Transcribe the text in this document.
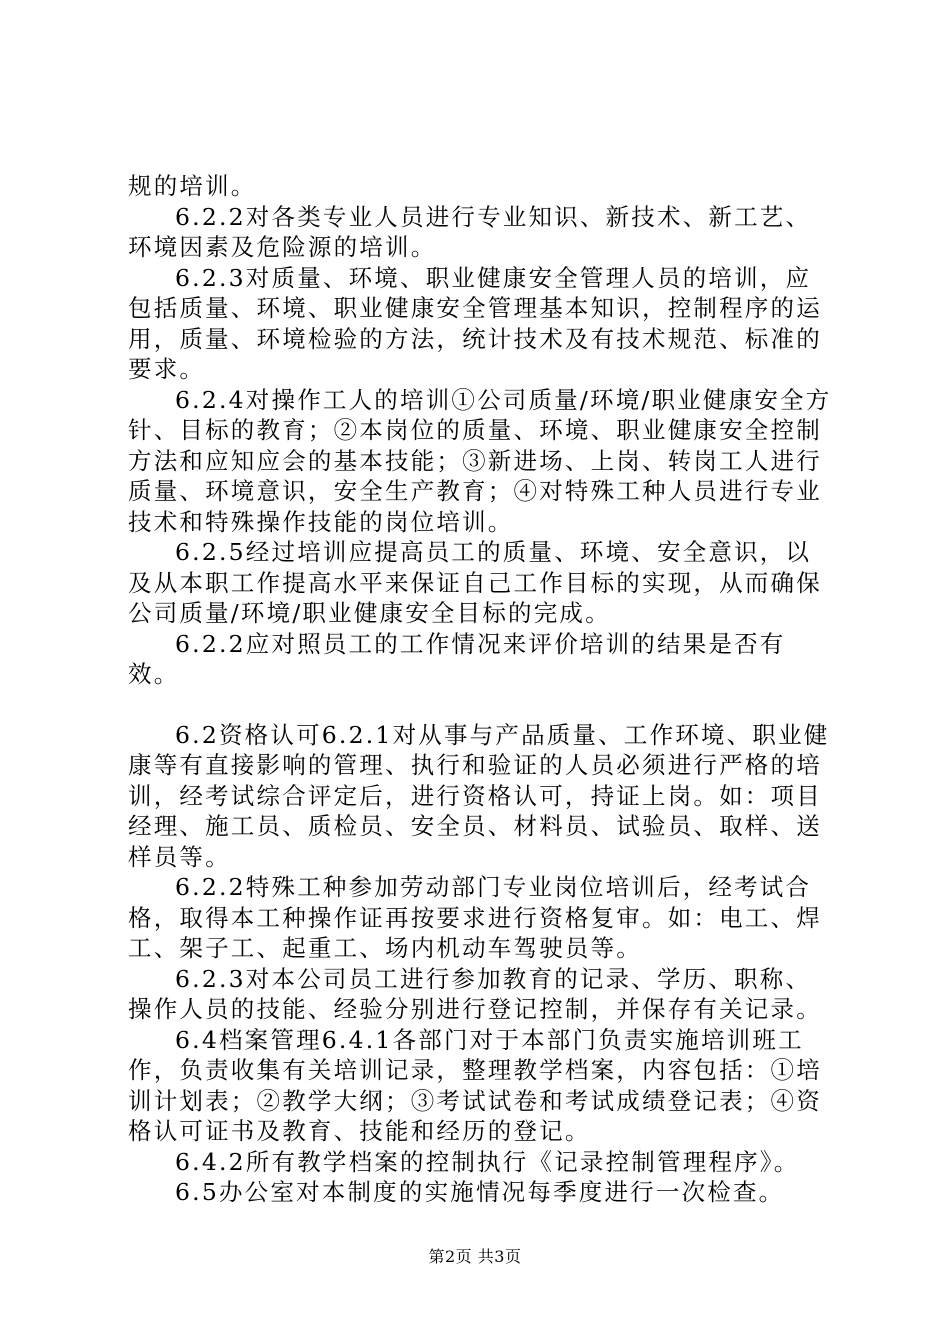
规的培训。

6.2.2对各类专业人员进行专业知识、新技术、新工艺、环境因素及危险源的培训。

6.2.3对质量、环境、职业健康安全管理人员的培训，应包括质量、环境、职业健康安全管理基本知识，控制程序的运用，质量、环境检验的方法，统计技术及有技术规范、标准的要求。

6.2.4对操作工人的培训①公司质量/环境/职业健康安全方针、目标的教育；②本岗位的质量、环境、职业健康安全控制方法和应知应会的基本技能；③新进场、上岗、转岗工人进行质量、环境意识，安全生产教育；④对特殊工种人员进行专业技术和特殊操作技能的岗位培训。

6.2.5经过培训应提高员工的质量、环境、安全意识，以及从本职工作提高水平来保证自己工作目标的实现，从而确保公司质量/环境/职业健康安全目标的完成。

6.2.2应对照员工的工作情况来评价培训的结果是否有效。

6.2资格认可6.2.1对从事与产品质量、工作环境、职业健康等有直接影响的管理、执行和验证的人员必须进行严格的培训，经考试综合评定后，进行资格认可，持证上岗。如：项目经理、施工员、质检员、安全员、材料员、试验员、取样、送样员等。

6.2.2特殊工种参加劳动部门专业岗位培训后，经考试合格，取得本工种操作证再按要求进行资格复审。如：电工、焊工、架子工、起重工、场内机动车驾驶员等。

6.2.3对本公司员工进行参加教育的记录、学历、职称、操作人员的技能、经验分别进行登记控制，并保存有关记录。

6.4档案管理6.4.1各部门对于本部门负责实施培训班工作，负责收集有关培训记录，整理教学档案，内容包括：①培训计划表；②教学大纲；③考试试卷和考试成绩登记表；④资格认可证书及教育、技能和经历的登记。

6.4.2所有教学档案的控制执行《记录控制管理程序》。

6.5办公室对本制度的实施情况每季度进行一次检查。

第2页 共3页
